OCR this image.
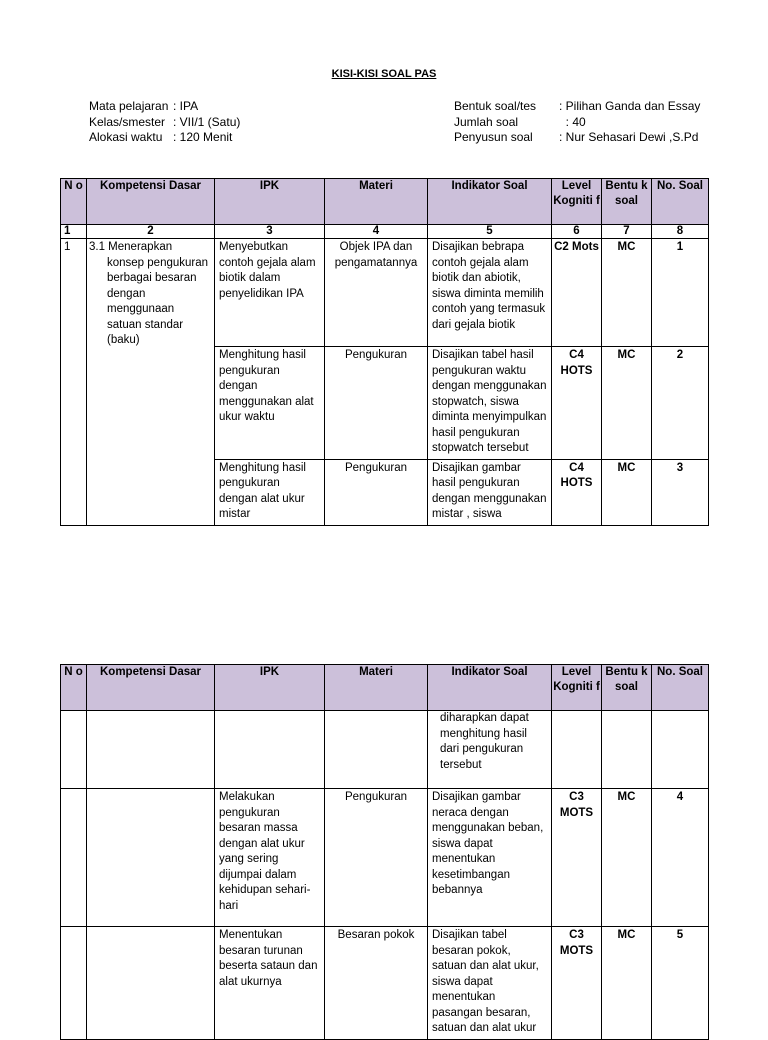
KISI-KISI SOAL PAS
Mata pelajaran : IPA
Kelas/smester : VII/1 (Satu)
Alokasi waktu : 120 Menit
Bentuk soal/tes	: Pilihan Ganda dan Essay
Jumlah soal	: 40
Penyusun soal	: Nur Sehasari Dewi ,S.Pd
N o	Kompetensi Dasar	IPK	Materi	Indikator Soal	Level Kogniti f	Bentu k soal	No. Soal
1	2	3	4	5	6	7	8
1	3.1 Menerapkan konsep pengukuran berbagai besaran dengan menggunaan satuan standar (baku)	Menyebutkan contoh gejala alam biotik dalam penyelidikan IPA	Objek IPA dan pengamatannya	Disajikan bebrapa contoh gejala alam biotik dan abiotik, siswa diminta memilih contoh yang termasuk dari gejala biotik	C2 Mots	MC	1
		Menghitung hasil pengukuran dengan menggunakan alat ukur waktu	Pengukuran	Disajikan tabel hasil pengukuran waktu dengan menggunakan stopwatch, siswa diminta menyimpulkan hasil pengukuran stopwatch tersebut	C4 HOTS	MC	2
		Menghitung hasil pengukuran dengan alat ukur mistar	Pengukuran	Disajikan gambar hasil pengukuran dengan menggunakan mistar , siswa	C4 HOTS	MC	3
N o	Kompetensi Dasar	IPK	Materi	Indikator Soal	Level Kogniti f	Bentu k soal	No. Soal
				diharapkan dapat menghitung hasil dari pengukuran tersebut			
		Melakukan pengukuran besaran massa dengan alat ukur yang sering dijumpai dalam kehidupan sehari-hari	Pengukuran	Disajikan gambar neraca dengan menggunakan beban, siswa dapat menentukan kesetimbangan bebannya	C3 MOTS	MC	4
		Menentukan besaran turunan beserta sataun dan alat ukurnya	Besaran pokok	Disajikan tabel besaran pokok, satuan dan alat ukur, siswa dapat menentukan pasangan besaran, satuan dan alat ukur	C3 MOTS	MC	5
